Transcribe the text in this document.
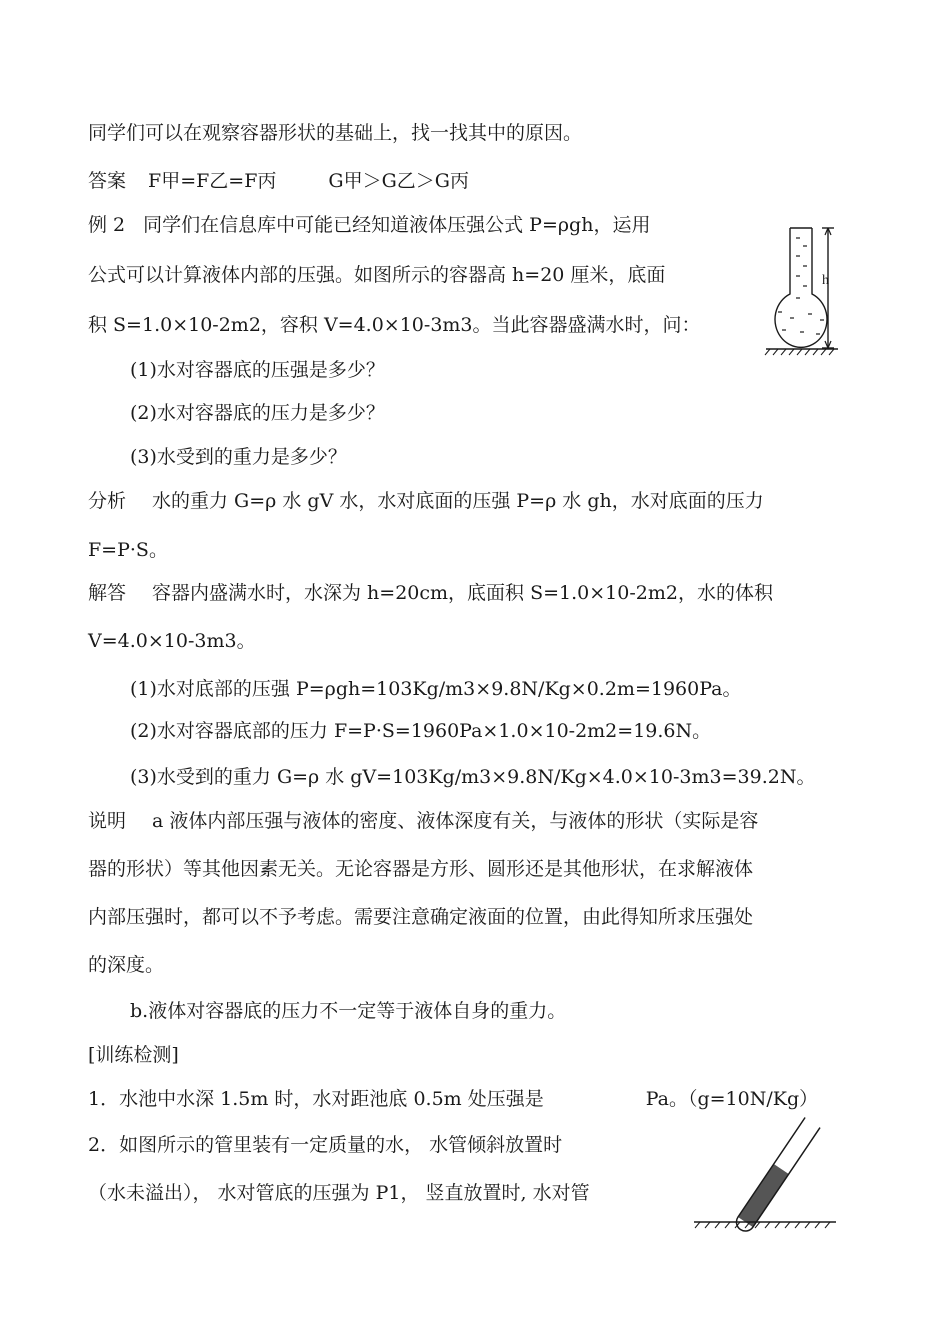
同学们可以在观察容器形状的基础上，找一找其中的原因。
答案 F甲=F乙=F丙	G甲＞G乙＞G丙
例 2 同学们在信息库中可能已经知道液体压强公式 P=ρgh，运用
公式可以计算液体内部的压强。如图所示的容器高 h=20 厘米，底面
积 S=1.0×10-2m2，容积 V=4.0×10-3m3。当此容器盛满水时，问：
(1)水对容器底的压强是多少？
(2)水对容器底的压力是多少？
(3)水受到的重力是多少？
分析 水的重力 G=ρ 水 gV 水，水对底面的压强 P=ρ 水 gh，水对底面的压力
F=P·S。
解答 容器内盛满水时，水深为 h=20cm，底面积 S=1.0×10-2m2，水的体积
V=4.0×10-3m3。
(1)水对底部的压强 P=ρgh=103Kg/m3×9.8N/Kg×0.2m=1960Pa。
(2)水对容器底部的压力 F=P·S=1960Pa×1.0×10-2m2=19.6N。
(3)水受到的重力 G=ρ 水 gV=103Kg/m3×9.8N/Kg×4.0×10-3m3=39.2N。
说明 a 液体内部压强与液体的密度、液体深度有关，与液体的形状（实际是容
器的形状）等其他因素无关。无论容器是方形、圆形还是其他形状，在求解液体
内部压强时，都可以不予考虑。需要注意确定液面的位置，由此得知所求压强处
的深度。
b.液体对容器底的压力不一定等于液体自身的重力。
[训练检测]
1．水池中水深 1.5m 时，水对距池底 0.5m 处压强是	Pa。（g=10N/Kg）
2．如图所示的管里装有一定质量的水， 水管倾斜放置时
（水未溢出）， 水对管底的压强为 P1， 竖直放置时, 水对管
h
